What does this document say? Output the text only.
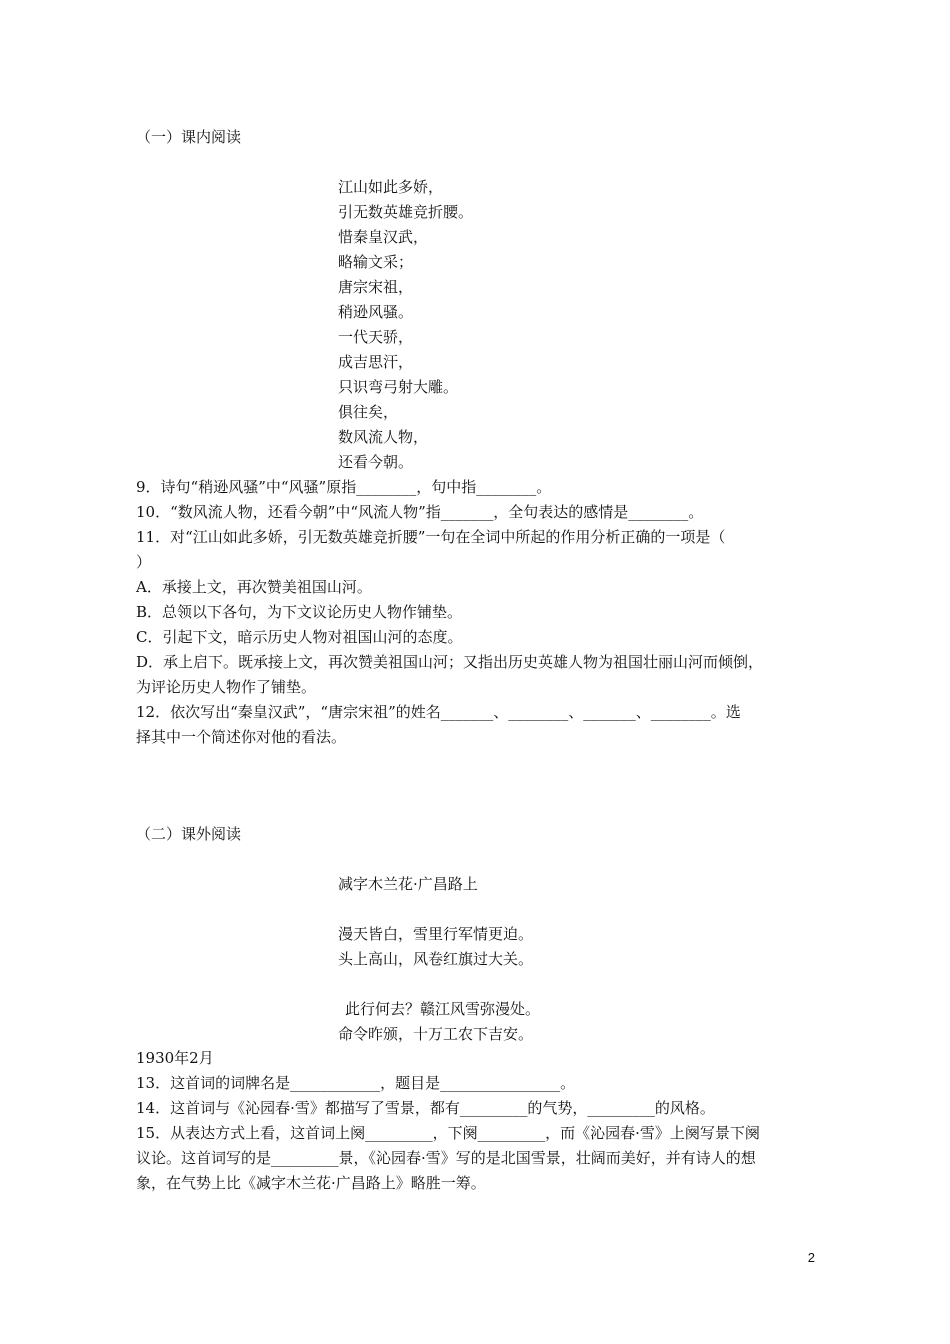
（一）课内阅读
江山如此多娇，
引无数英雄竞折腰。
惜秦皇汉武，
略输文采；
唐宗宋祖，
稍逊风骚。
一代天骄，
成吉思汗，
只识弯弓射大雕。
俱往矣，
数风流人物，
还看今朝。
9．诗句“稍逊风骚”中“风骚”原指________，句中指________。
10．“数风流人物，还看今朝”中“风流人物”指_______，全句表达的感情是________。
11．对“江山如此多娇，引无数英雄竞折腰”一句在全词中所起的作用分析正确的一项是（
）
A．承接上文，再次赞美祖国山河。
B．总领以下各句，为下文议论历史人物作铺垫。
C．引起下文，暗示历史人物对祖国山河的态度。
D．承上启下。既承接上文，再次赞美祖国山河；又指出历史英雄人物为祖国壮丽山河而倾倒，
为评论历史人物作了铺垫。
12．依次写出“秦皇汉武”，“唐宗宋祖”的姓名_______、________、_______、________。选
择其中一个简述你对他的看法。
（二）课外阅读
减字木兰花·广昌路上
漫天皆白，雪里行军情更迫。
头上高山，风卷红旗过大关。
此行何去？赣江风雪弥漫处。
命令昨颁，十万工农下吉安。
1930年2月
13．这首词的词牌名是____________，题目是________________。
14．这首词与《沁园春·雪》都描写了雪景，都有_________的气势，_________的风格。
15．从表达方式上看，这首词上阕_________，下阕_________，而《沁园春·雪》上阕写景下阕
议论。这首词写的是_________景，《沁园春·雪》写的是北国雪景，壮阔而美好，并有诗人的想
象，在气势上比《减字木兰花·广昌路上》略胜一筹。
2
